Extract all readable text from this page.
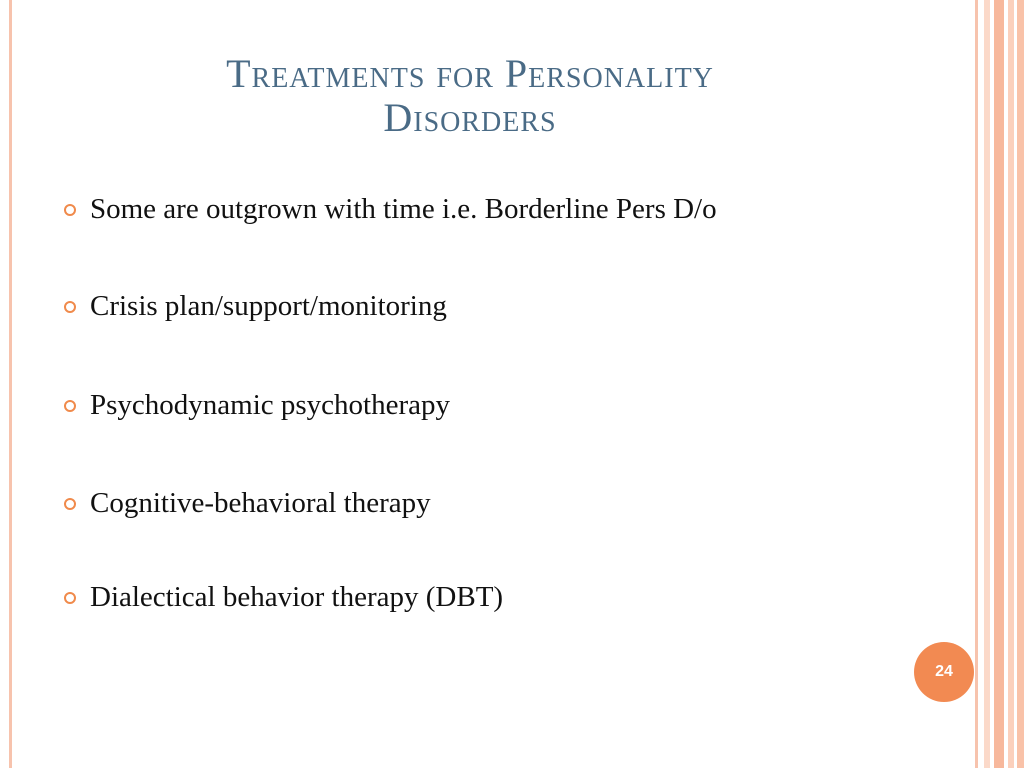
Treatments for Personality
Disorders
Some are outgrown with time i.e. Borderline Pers D/o
Crisis plan/support/monitoring
Psychodynamic psychotherapy
Cognitive-behavioral therapy
Dialectical behavior therapy (DBT)
24
